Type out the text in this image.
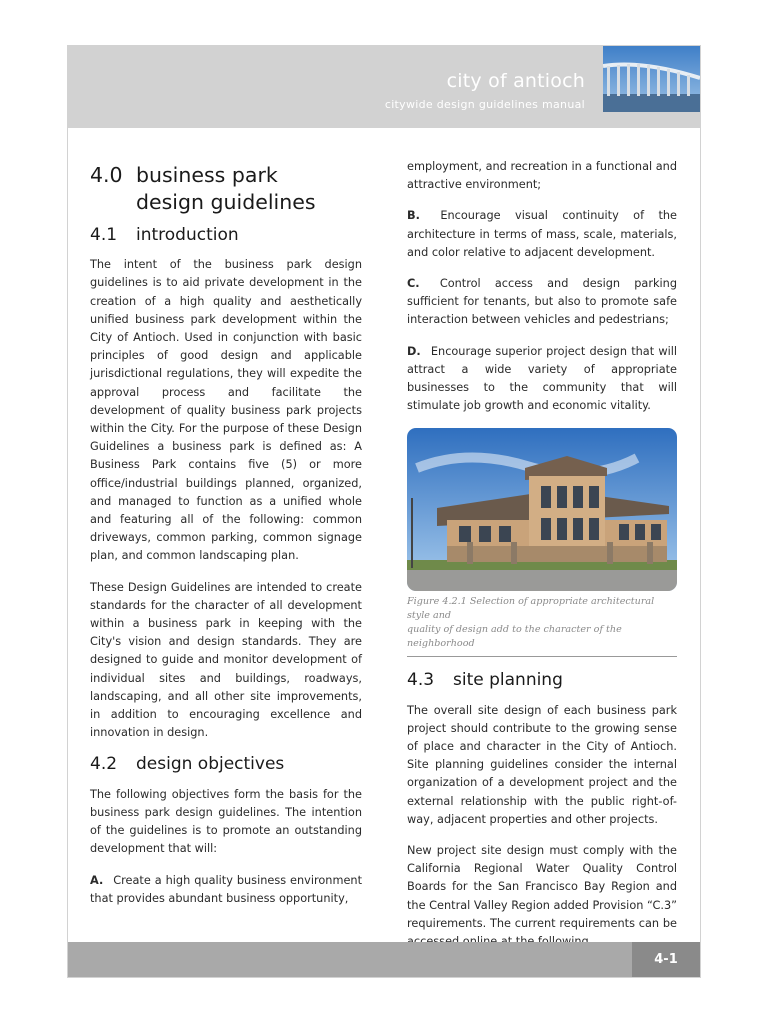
city of antioch
citywide design guidelines manual
4.0 business park
design guidelines
4.1	introduction

The intent of the business park design guidelines is to aid private development in the creation of a high quality and aesthetically unified business park development within the City of Antioch. Used in conjunction with basic principles of good design and applicable jurisdictional regulations, they will expedite the approval process and facilitate the development of quality business park projects within the City. For the purpose of these Design Guidelines a business park is defined as: A Business Park contains five (5) or more office/industrial buildings planned, organized, and managed to function as a unified whole and featuring all of the following: common driveways, common parking, common signage plan, and common landscaping plan.

These Design Guidelines are intended to create standards for the character of all development within a business park in keeping with the City's vision and design standards. They are designed to guide and monitor development of individual sites and buildings, roadways, landscaping, and all other site improvements, in addition to encouraging excellence and innovation in design.

4.2	design objectives

The following objectives form the basis for the business park design guidelines. The intention of the guidelines is to promote an outstanding development that will:

A. Create a high quality business environment that provides abundant business opportunity,

employment, and recreation in a functional and attractive environment;

B. Encourage visual continuity of the architecture in terms of mass, scale, materials, and color relative to adjacent development.

C. Control access and design parking sufficient for tenants, but also to promote safe interaction between vehicles and pedestrians;

D. Encourage superior project design that will attract a wide variety of appropriate businesses to the community that will stimulate job growth and economic vitality.

Figure 4.2.1 Selection of appropriate architectural style and
quality of design add to the character of the neighborhood
4.3	site planning

The overall site design of each business park project should contribute to the growing sense of place and character in the City of Antioch. Site planning guidelines consider the internal organization of a development project and the external relationship with the public right-of-way, adjacent properties and other projects.

New project site design must comply with the California Regional Water Quality Control Boards for the San Francisco Bay Region and the Central Valley Region added Provision “C.3” requirements. The current requirements can be

4-1
